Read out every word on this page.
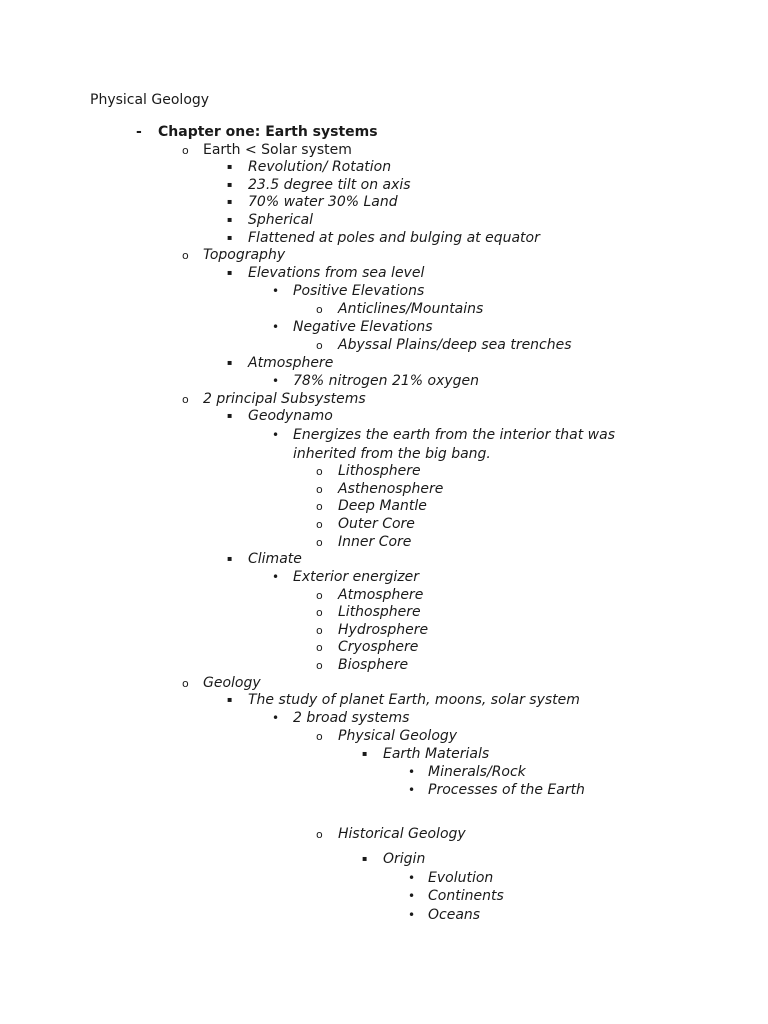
Physical Geology
- Chapter one: Earth systems
o Earth < Solar system
▪ Revolution/ Rotation
▪ 23.5 degree tilt on axis
▪ 70% water 30% Land
▪ Spherical
▪ Flattened at poles and bulging at equator
o Topography
▪ Elevations from sea level
• Positive Elevations
o Anticlines/Mountains
• Negative Elevations
o Abyssal Plains/deep sea trenches
▪ Atmosphere
• 78% nitrogen 21% oxygen
o 2 principal Subsystems
▪ Geodynamo
• Energizes the earth from the interior that was inherited from the big bang.
o Lithosphere
o Asthenosphere
o Deep Mantle
o Outer Core
o Inner Core
▪ Climate
• Exterior energizer
o Atmosphere
o Lithosphere
o Hydrosphere
o Cryosphere
o Biosphere
o Geology
▪ The study of planet Earth, moons, solar system
• 2 broad systems
o Physical Geology
▪ Earth Materials
• Minerals/Rock
• Processes of the Earth
o Historical Geology
▪ Origin
• Evolution
• Continents
• Oceans
